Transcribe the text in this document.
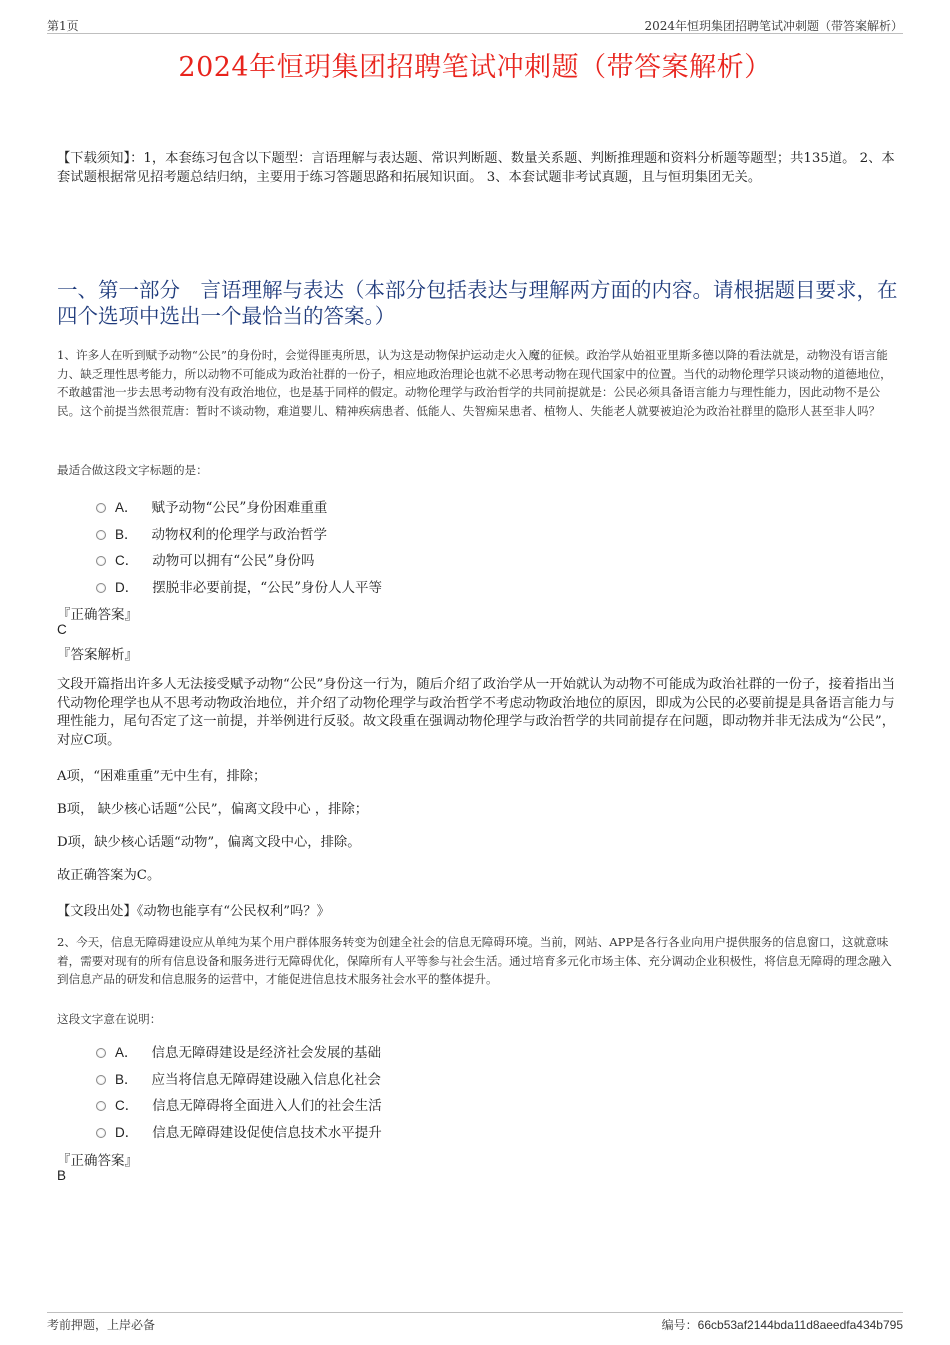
第1页	2024年恒玥集团招聘笔试冲刺题（带答案解析）
2024年恒玥集团招聘笔试冲刺题（带答案解析）
【下载须知】：1，本套练习包含以下题型：言语理解与表达题、常识判断题、数量关系题、判断推理题和资料分析题等题型；共135道。 2、本套试题根据常见招考题总结归纳，主要用于练习答题思路和拓展知识面。 3、本套试题非考试真题，且与恒玥集团无关。
一、第一部分　言语理解与表达（本部分包括表达与理解两方面的内容。请根据题目要求，在四个选项中选出一个最恰当的答案。）
1、许多人在听到赋予动物“公民”的身份时，会觉得匪夷所思，认为这是动物保护运动走火入魔的征候。政治学从始祖亚里斯多德以降的看法就是，动物没有语言能力、缺乏理性思考能力，所以动物不可能成为政治社群的一份子，相应地政治理论也就不必思考动物在现代国家中的位置。当代的动物伦理学只谈动物的道德地位，不敢越雷池一步去思考动物有没有政治地位，也是基于同样的假定。动物伦理学与政治哲学的共同前提就是：公民必须具备语言能力与理性能力，因此动物不是公民。这个前提当然很荒唐：暂时不谈动物，难道婴儿、精神疾病患者、低能人、失智痴呆患者、植物人、失能老人就要被迫沦为政治社群里的隐形人甚至非人吗？
最适合做这段文字标题的是：
A． 赋予动物“公民”身份困难重重
B． 动物权利的伦理学与政治哲学
C． 动物可以拥有“公民”身份吗
D． 摆脱非必要前提，“公民”身份人人平等
『正确答案』
C
『答案解析』
文段开篇指出许多人无法接受赋予动物“公民”身份这一行为，随后介绍了政治学从一开始就认为动物不可能成为政治社群的一份子，接着指出当代动物伦理学也从不思考动物政治地位，并介绍了动物伦理学与政治哲学不考虑动物政治地位的原因，即成为公民的必要前提是具备语言能力与理性能力，尾句否定了这一前提，并举例进行反驳。故文段重在强调动物伦理学与政治哲学的共同前提存在问题，即动物并非无法成为“公民”，对应C项。
A项，“困难重重”无中生有，排除；
B项， 缺少核心话题“公民”，偏离文段中心 ，排除；
D项，缺少核心话题“动物”，偏离文段中心，排除。
故正确答案为C。
【文段出处】《动物也能享有“公民权利”吗？》
2、今天，信息无障碍建设应从单纯为某个用户群体服务转变为创建全社会的信息无障碍环境。当前，网站、APP是各行各业向用户提供服务的信息窗口，这就意味着，需要对现有的所有信息设备和服务进行无障碍优化，保障所有人平等参与社会生活。通过培育多元化市场主体、充分调动企业积极性，将信息无障碍的理念融入到信息产品的研发和信息服务的运营中，才能促进信息技术服务社会水平的整体提升。
这段文字意在说明：
A． 信息无障碍建设是经济社会发展的基础
B． 应当将信息无障碍建设融入信息化社会
C． 信息无障碍将全面进入人们的社会生活
D． 信息无障碍建设促使信息技术水平提升
『正确答案』
B
考前押题，上岸必备	编号：66cb53af2144bda11d8aeedfa434b795
